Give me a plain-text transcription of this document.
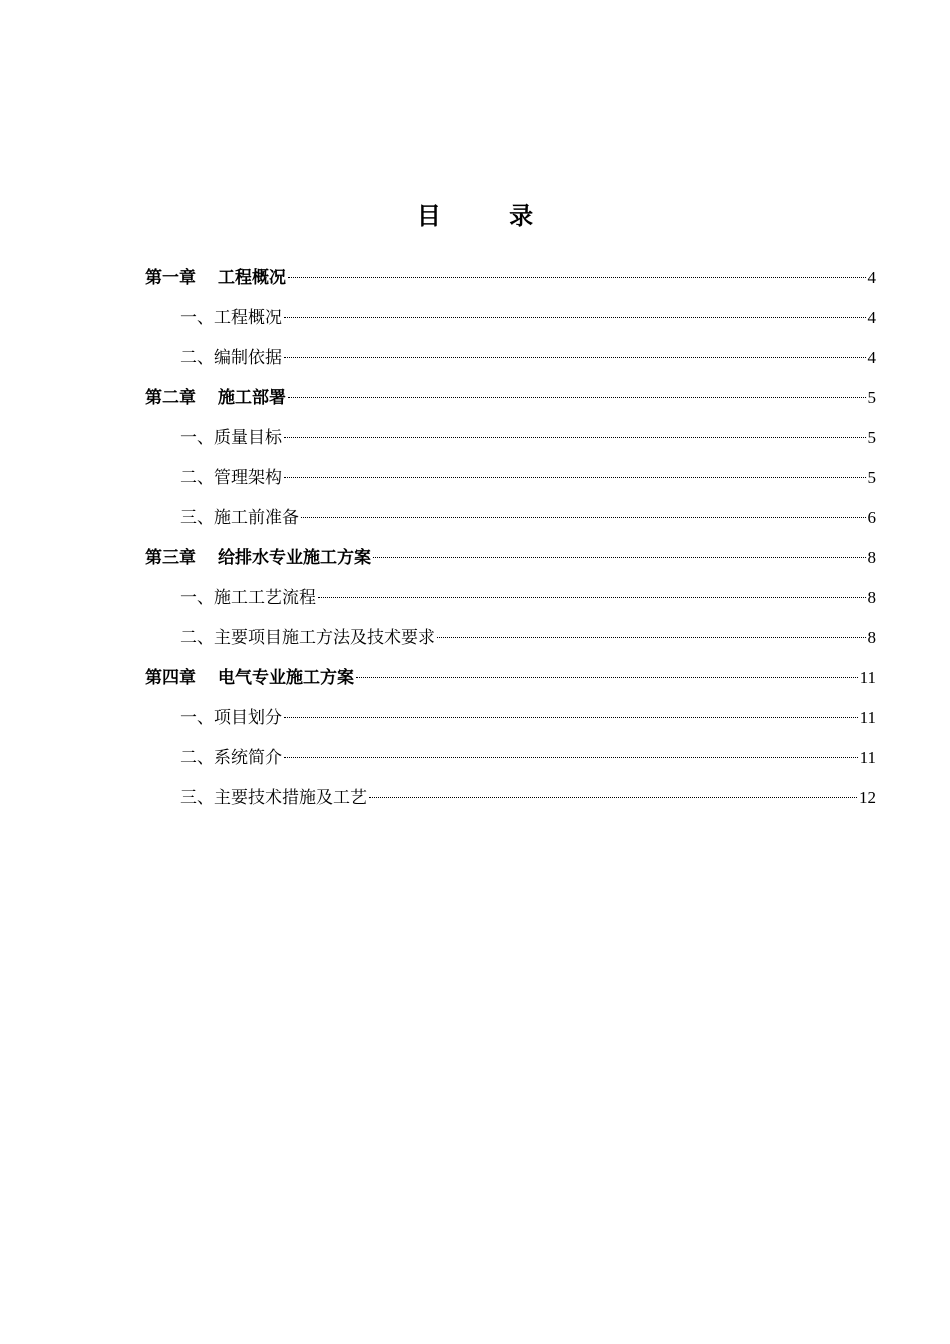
目 录
第一章 工程概况	4
一、工程概况	4
二、编制依据	4
第二章 施工部署	5
一、质量目标	5
二、管理架构	5
三、施工前准备	6
第三章 给排水专业施工方案	8
一、施工工艺流程	8
二、主要项目施工方法及技术要求	8
第四章 电气专业施工方案	11
一、项目划分	11
二、系统简介	11
三、主要技术措施及工艺	12
